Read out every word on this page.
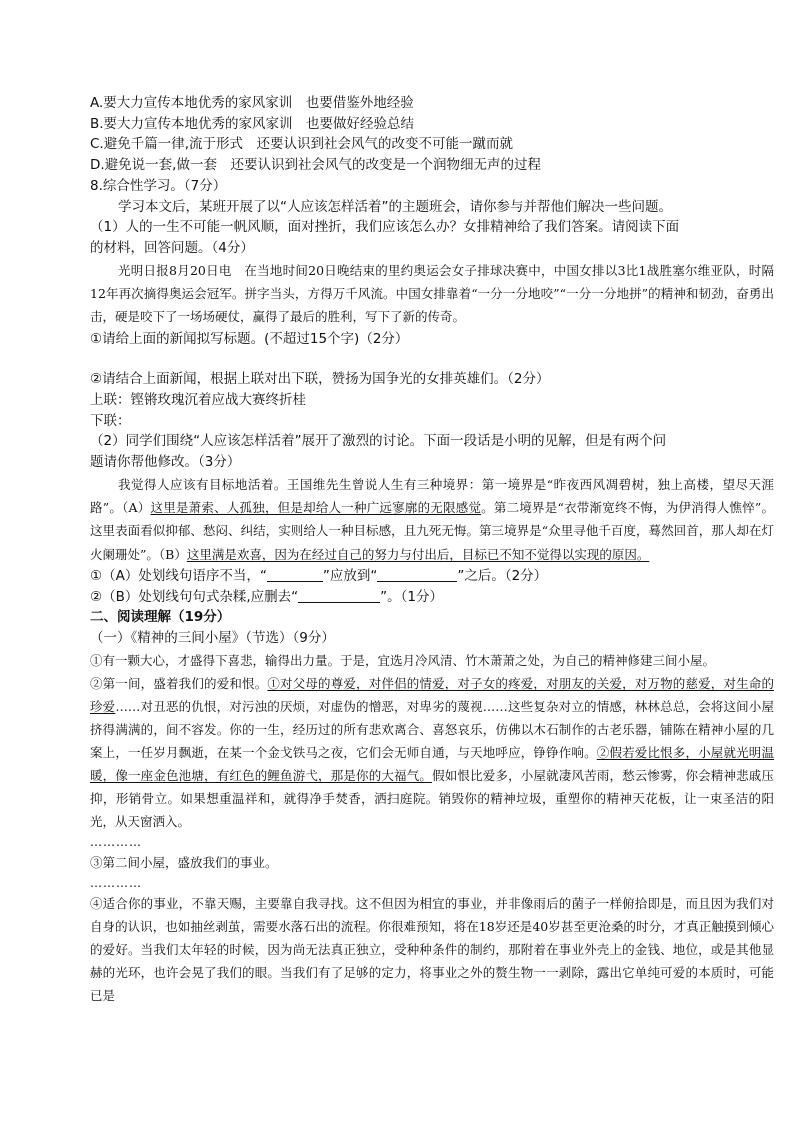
A.要大力宣传本地优秀的家风家训　也要借鉴外地经验
B.要大力宣传本地优秀的家风家训　也要做好经验总结
C.避免千篇一律,流于形式　还要认识到社会风气的改变不可能一蹴而就
D.避免说一套,做一套　还要认识到社会风气的改变是一个润物细无声的过程
8.综合性学习。（7分）
学习本文后，某班开展了以“人应该怎样活着”的主题班会，请你参与并帮他们解决一些问题。
（1）人的一生不可能一帆风顺，面对挫折，我们应该怎么办？女排精神给了我们答案。请阅读下面
的材料，回答问题。（4分）
光明日报8月20日电　在当地时间20日晚结束的里约奥运会女子排球决赛中，中国女排以3比1战胜塞尔维亚队，时隔12年再次摘得奥运会冠军。拼字当头，方得万千风流。中国女排靠着“一分一分地咬”“一分一分地拼”的精神和韧劲，奋勇出击，硬是咬下了一场场硬仗，赢得了最后的胜利，写下了新的传奇。
①请给上面的新闻拟写标题。(不超过15个字)（2分）
②请结合上面新闻，根据上联对出下联，赞扬为国争光的女排英雄们。（2分）
上联：铿锵玫瑰沉着应战大赛终折桂
下联：
（2）同学们围绕“人应该怎样活着”展开了激烈的讨论。下面一段话是小明的见解，但是有两个问
题请你帮他修改。（3分）
我觉得人应该有目标地活着。王国维先生曾说人生有三种境界：第一境界是“昨夜西风凋碧树，独上高楼，望尽天涯路”。（A）这里是萧索、人孤独，但是却给人一种广远寥廓的无限感觉。第二境界是“衣带渐宽终不悔，为伊消得人憔悴”。这里表面看似抑郁、愁闷、纠结，实则给人一种目标感，且九死无悔。第三境界是“众里寻他千百度，蓦然回首，那人却在灯火阑珊处”。（B）这里满是欢喜，因为在经过自己的努力与付出后，目标已不知不觉得以实现的原因。
①（A）处划线句语序不当，“	”应放到“	”之后。（2分）
②（B）处划线句句式杂糅,应删去“	”。（1分）
二、阅读理解（19分）
（一）《精神的三间小屋》（节选）（9分）
①有一颗大心，才盛得下喜悲，输得出力量。于是，宜选月冷风清、竹木萧萧之处，为自己的精神修建三间小屋。
②第一间，盛着我们的爱和恨。①对父母的尊爱，对伴侣的情爱，对子女的疼爱，对朋友的关爱，对万物的慈爱，对生命的珍爱……对丑恶的仇恨，对污浊的厌烦，对虚伪的憎恶，对卑劣的蔑视……这些复杂对立的情感，林林总总，会将这间小屋挤得满满的，间不容发。你的一生，经历过的所有悲欢离合、喜怒哀乐，仿佛以木石制作的古老乐器，铺陈在精神小屋的几案上，一任岁月飘逝，在某一个金戈铁马之夜，它们会无师自通，与天地呼应，铮铮作响。②假若爱比恨多，小屋就光明温暖，像一座金色池塘，有红色的鲤鱼游弋，那是你的大福气。假如恨比爱多，小屋就凄风苦雨，愁云惨雾，你会精神悲戚压抑，形销骨立。如果想重温祥和，就得净手焚香，洒扫庭院。销毁你的精神垃圾，重塑你的精神天花板，让一束圣洁的阳光，从天窗洒入。
…………
③第二间小屋，盛放我们的事业。
…………
④适合你的事业，不靠天赐，主要靠自我寻找。这不但因为相宜的事业，并非像雨后的菌子一样俯拾即是，而且因为我们对自身的认识，也如抽丝剥茧，需要水落石出的流程。你很难预知，将在18岁还是40岁甚至更沧桑的时分，才真正触摸到倾心的爱好。当我们太年轻的时候，因为尚无法真正独立，受种种条件的制约，那附着在事业外壳上的金钱、地位，或是其他显赫的光环，也许会晃了我们的眼。当我们有了足够的定力，将事业之外的赘生物一一剥除，露出它单纯可爱的本质时，可能已是
